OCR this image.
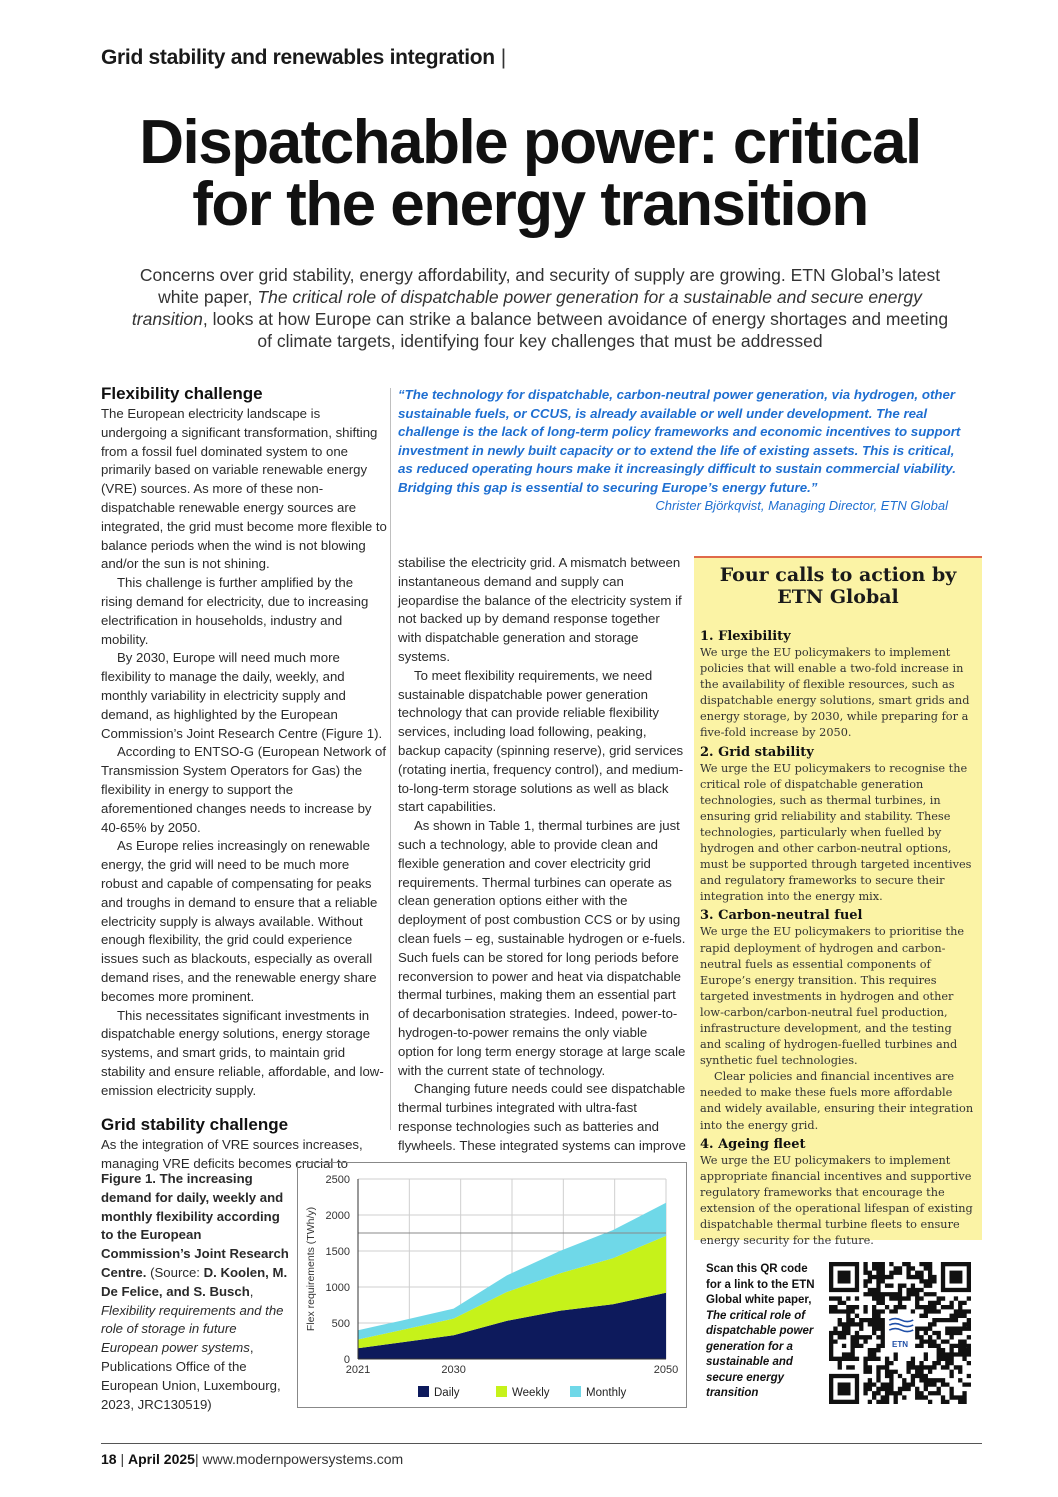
Grid stability and renewables integration |
Dispatchable power: critical
for the energy transition
Concerns over grid stability, energy affordability, and security of supply are growing. ETN Global’s latest white paper, The critical role of dispatchable power generation for a sustainable and secure energy transition, looks at how Europe can strike a balance between avoidance of energy shortages and meeting of climate targets, identifying four key challenges that must be addressed
Flexibility challenge

The European electricity landscape is undergoing a significant transformation, shifting from a fossil fuel dominated system to one primarily based on variable renewable energy (VRE) sources. As more of these non-dispatchable renewable energy sources are integrated, the grid must become more flexible to balance periods when the wind is not blowing and/or the sun is not shining.

This challenge is further amplified by the rising demand for electricity, due to increasing electrification in households, industry and mobility.

By 2030, Europe will need much more flexibility to manage the daily, weekly, and monthly variability in electricity supply and demand, as highlighted by the European Commission’s Joint Research Centre (Figure 1).

According to ENTSO-G (European Network of Transmission System Operators for Gas) the flexibility in energy to support the aforementioned changes needs to increase by 40-65% by 2050.

As Europe relies increasingly on renewable energy, the grid will need to be much more robust and capable of compensating for peaks and troughs in demand to ensure that a reliable electricity supply is always available. Without enough flexibility, the grid could experience issues such as blackouts, especially as overall demand rises, and the renewable energy share becomes more prominent.

This necessitates significant investments in dispatchable energy solutions, energy storage systems, and smart grids, to maintain grid stability and ensure reliable, affordable, and low-emission electricity supply.

Grid stability challenge

As the integration of VRE sources increases, managing VRE deficits becomes crucial to

“The technology for dispatchable, carbon-neutral power generation, via hydrogen, other sustainable fuels, or CCUS, is already available or well under development. The real challenge is the lack of long-term policy frameworks and economic incentives to support investment in newly built capacity or to extend the life of existing assets. This is critical, as reduced operating hours make it increasingly difficult to sustain commercial viability. Bridging this gap is essential to securing Europe’s energy future.”
Christer Björkqvist, Managing Director, ETN Global

stabilise the electricity grid. A mismatch between instantaneous demand and supply can jeopardise the balance of the electricity system if not backed up by demand response together with dispatchable generation and storage systems.

To meet flexibility requirements, we need sustainable dispatchable power generation technology that can provide reliable flexibility services, including load following, peaking, backup capacity (spinning reserve), grid services (rotating inertia, frequency control), and medium-to-long-term storage solutions as well as black start capabilities.

As shown in Table 1, thermal turbines are just such a technology, able to provide clean and flexible generation and cover electricity grid requirements. Thermal turbines can operate as clean generation options either with the deployment of post combustion CCS or by using clean fuels – eg, sustainable hydrogen or e-fuels. Such fuels can be stored for long periods before reconversion to power and heat via dispatchable thermal turbines, making them an essential part of decarbonisation strategies. Indeed, power-to-hydrogen-to-power remains the only viable option for long term energy storage at large scale with the current state of technology.

Changing future needs could see dispatchable thermal turbines integrated with ultra-fast response technologies such as batteries and flywheels. These integrated systems can improve

Four calls to action by
ETN Global
1. Flexibility
We urge the EU policymakers to implement policies that will enable a two-fold increase in the availability of flexible resources, such as dispatchable energy solutions, smart grids and energy storage, by 2030, while preparing for a five-fold increase by 2050.
2. Grid stability
We urge the EU policymakers to recognise the critical role of dispatchable generation technologies, such as thermal turbines, in ensuring grid reliability and stability. These technologies, particularly when fuelled by hydrogen and other carbon-neutral options, must be supported through targeted incentives and regulatory frameworks to secure their integration into the energy mix.
3. Carbon-neutral fuel
We urge the EU policymakers to prioritise the rapid deployment of hydrogen and carbon-neutral fuels as essential components of Europe’s energy transition. This requires targeted investments in hydrogen and other low-carbon/carbon-neutral fuel production, infrastructure development, and the testing and scaling of hydrogen-fuelled turbines and synthetic fuel technologies.

Clear policies and financial incentives are needed to make these fuels more affordable and widely available, ensuring their integration into the energy grid.

4. Ageing fleet
We urge the EU policymakers to implement appropriate financial incentives and supportive regulatory frameworks that encourage the extension of the operational lifespan of existing dispatchable thermal turbine fleets to ensure energy security for the future.
Figure 1. The increasing demand for daily, weekly and monthly flexibility according to the European Commission’s Joint Research Centre. (Source: D. Koolen, M. De Felice, and S. Busch, Flexibility requirements and the role of storage in future European power systems, Publications Office of the European Union, Luxembourg, 2023, JRC130519)
0
500
1000
1500
2000
2500
2021	2030	2050
Flex requirements (TWh/y)
Daily	Weekly	Monthly
Scan this QR code for a link to the ETN Global white paper, The critical role of dispatchable power generation for a sustainable and secure energy transition
ETN
18 | April 2025| www.modernpowersystems.com
